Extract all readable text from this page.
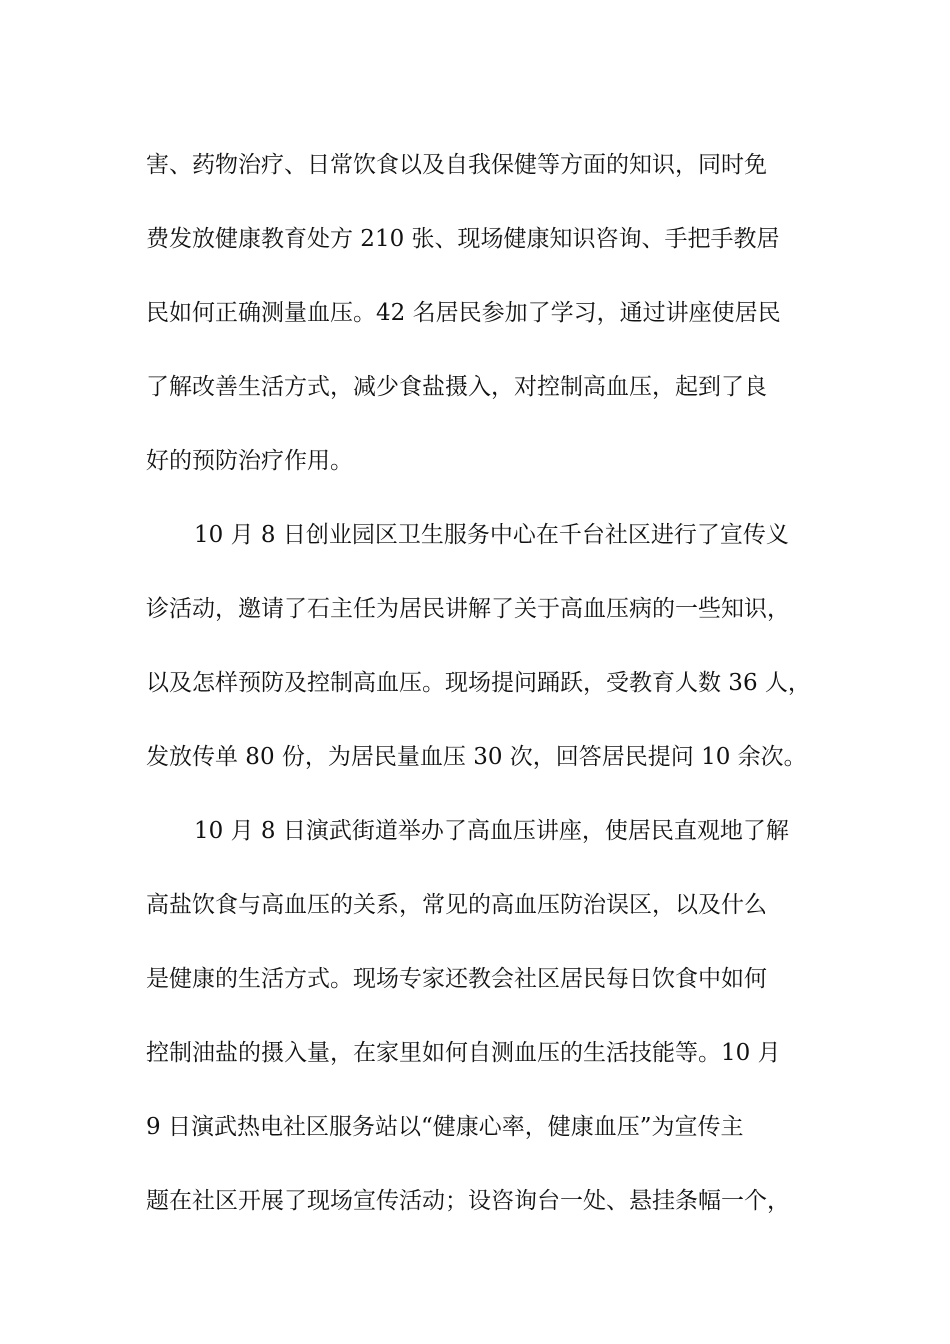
害、药物治疗、日常饮食以及自我保健等方面的知识，同时免
费发放健康教育处方 210 张、现场健康知识咨询、手把手教居
民如何正确测量血压。42 名居民参加了学习，通过讲座使居民
了解改善生活方式，减少食盐摄入，对控制高血压，起到了良
好的预防治疗作用。
10 月 8 日创业园区卫生服务中心在千台社区进行了宣传义
诊活动，邀请了石主任为居民讲解了关于高血压病的一些知识，
以及怎样预防及控制高血压。现场提问踊跃，受教育人数 36 人，
发放传单 80 份，为居民量血压 30 次，回答居民提问 10 余次。
10 月 8 日演武街道举办了高血压讲座，使居民直观地了解
高盐饮食与高血压的关系，常见的高血压防治误区，以及什么
是健康的生活方式。现场专家还教会社区居民每日饮食中如何
控制油盐的摄入量，在家里如何自测血压的生活技能等。10 月
9 日演武热电社区服务站以“健康心率，健康血压”为宣传主
题在社区开展了现场宣传活动；设咨询台一处、悬挂条幅一个，
